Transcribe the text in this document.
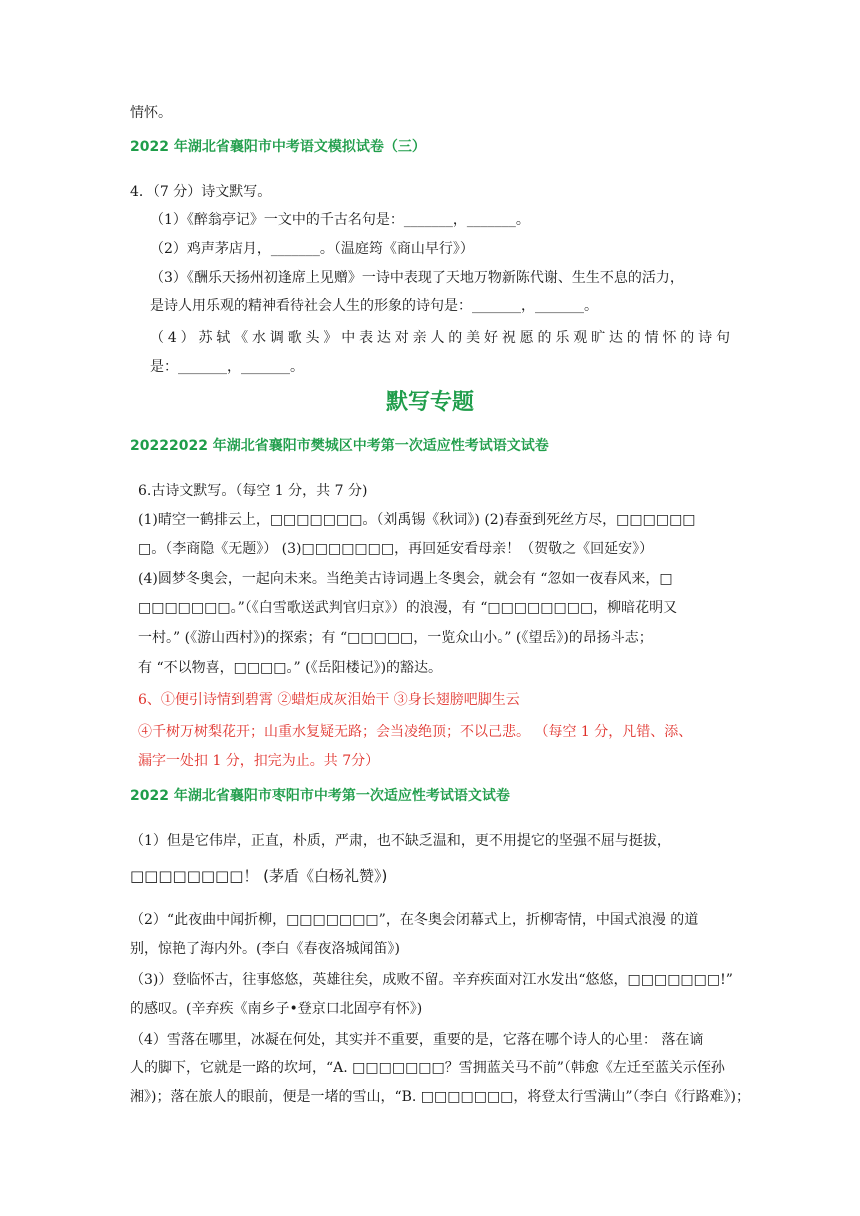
情怀。
2022 年湖北省襄阳市中考语文模拟试卷（三）
4．（7 分）诗文默写。
（1）《醉翁亭记》一文中的千古名句是：_______，_______。
（2）鸡声茅店月，_______。（温庭筠《商山早行》）
（3）《酬乐天扬州初逢席上见赠》一诗中表现了天地万物新陈代谢、生生不息的活力，
是诗人用乐观的精神看待社会人生的形象的诗句是：_______，_______。
（4）苏轼《水调歌头》中表达对亲人的美好祝愿的乐观旷达的情怀的诗句
是：_______，_______。
默写专题
20222022 年湖北省襄阳市樊城区中考第一次适应性考试语文试卷
6.古诗文默写。（每空 1 分，共 7 分)
(1)晴空一鹤排云上，□□□□□□□。（刘禹锡《秋词》) (2)春蚕到死丝方尽，□□□□□□
□。（李商隐《无题》） (3)□□□□□□□，再回延安看母亲！（贺敬之《回延安》）
(4)圆梦冬奥会，一起向未来。当绝美古诗词遇上冬奥会，就会有 “忽如一夜春风来，□
□□□□□□□。”（《白雪歌送武判官归京》）的浪漫，有 “□□□□□□□□，柳暗花明又
一村。” (《游山西村》)的探索；有 “□□□□□，一览众山小。” (《望岳》)的昂扬斗志；
有 “不以物喜，□□□□。” (《岳阳楼记》)的豁达。
6、①便引诗情到碧霄 ②蜡炬成灰泪始干 ③身长翅膀吧脚生云
④千树万树梨花开；山重水复疑无路；会当凌绝顶；不以己悲。 （每空 1 分，凡错、添、
漏字一处扣 1 分，扣完为止。共 7分）
2022 年湖北省襄阳市枣阳市中考第一次适应性考试语文试卷
（1）但是它伟岸，正直，朴质，严肃，也不缺乏温和，更不用提它的坚强不屈与挺拔，
□□□□□□□□！ (茅盾《白杨礼赞》)
（2）“此夜曲中闻折柳，□□□□□□□”，在冬奥会闭幕式上，折柳寄情，中国式浪漫 的道
别，惊艳了海内外。(李白《春夜洛城闻笛》)
（3)）登临怀古，往事悠悠，英雄往矣，成败不留。辛弃疾面对江水发出“悠悠，□□□□□□□!”
的感叹。(辛弃疾《南乡子•登京口北固亭有怀》)
（4）雪落在哪里，冰凝在何处，其实并不重要，重要的是，它落在哪个诗人的心里： 落在谪
人的脚下，它就是一路的坎坷，“A. □□□□□□□？雪拥蓝关马不前”（韩愈《左迁至蓝关示侄孙
湘》)；落在旅人的眼前，便是一堵的雪山，“B. □□□□□□□，将登太行雪满山”（李白《行路难》)；
